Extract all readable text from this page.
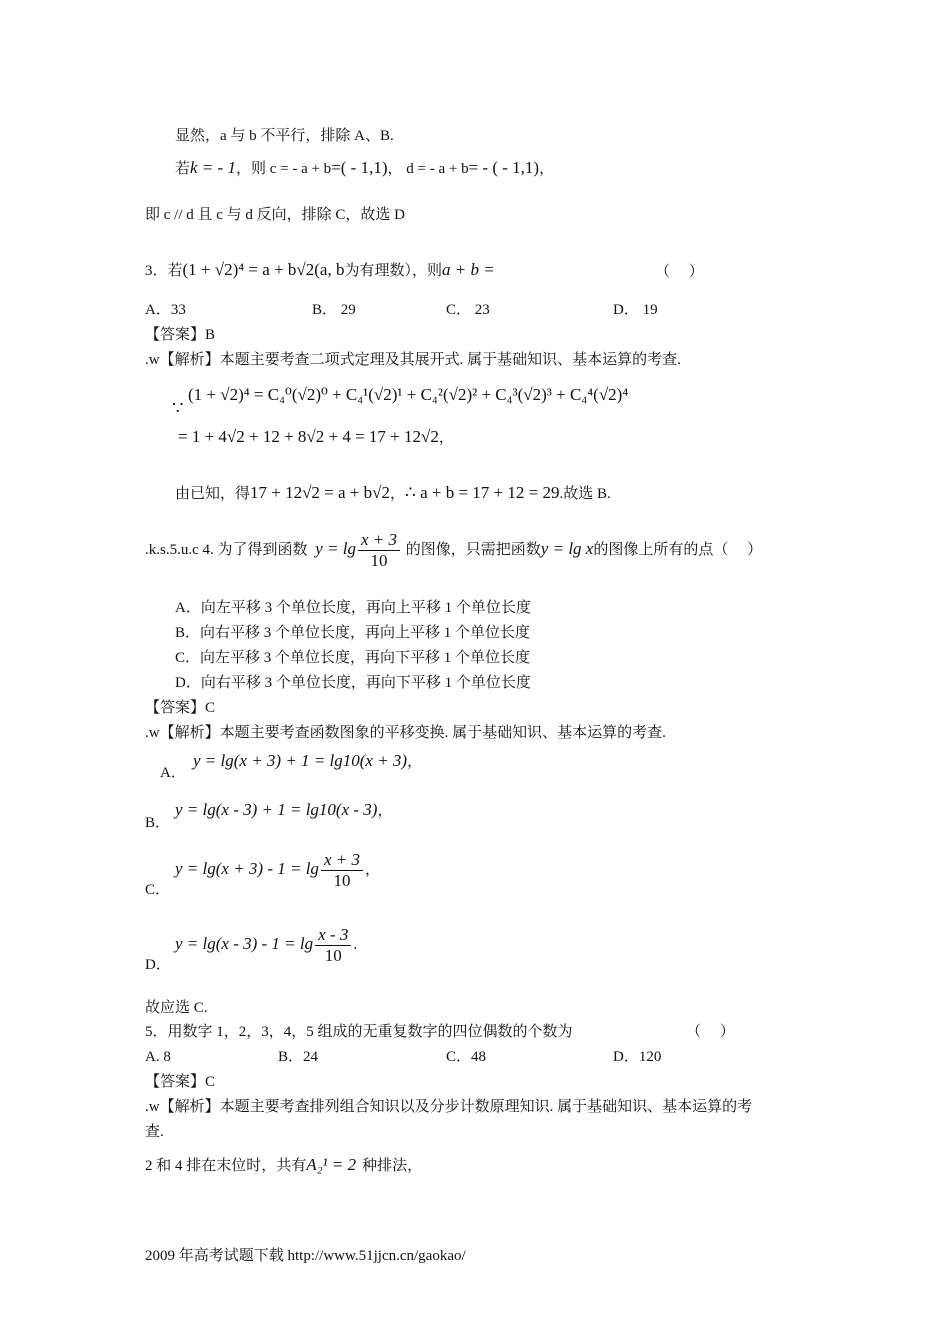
显然，a 与 b 不平行，排除 A、B.
若k = - 1，则 c = - a + b=( - 1,1)， d = - a + b= - ( - 1,1)，
即 c // d 且 c 与 d 反向，排除 C，故选 D
3．若(1 + √2)⁴ = a + b√2(a, b为有理数），则a + b =	（　 ）
A．33	B． 29	C． 23	D． 19
【答案】B
.w【解析】本题主要考查二项式定理及其展开式. 属于基础知识、基本运算的考查.
∵
(1 + √2)⁴ = C₄⁰(√2)⁰ + C₄¹(√2)¹ + C₄²(√2)² + C₄³(√2)³ + C₄⁴(√2)⁴
= 1 + 4√2 + 12 + 8√2 + 4 = 17 + 12√2，
由已知，得17 + 12√2 = a + b√2，∴ a + b = 17 + 12 = 29.故选 B.
.k.s.5.u.c 4. 为了得到函数 $y = \lg \frac{x + 3}{10}$ 的图像，只需把函数y = lg x的图像上所有的点（　 ）
A．向左平移 3 个单位长度，再向上平移 1 个单位长度
B．向右平移 3 个单位长度，再向上平移 1 个单位长度
C．向左平移 3 个单位长度，再向下平移 1 个单位长度
D．向右平移 3 个单位长度，再向下平移 1 个单位长度
【答案】C
.w【解析】本题主要考查函数图象的平移变换. 属于基础知识、基本运算的考查.
A．
y = lg(x + 3) + 1 = lg10(x + 3)，
B．
y = lg(x - 3) + 1 = lg10(x - 3)，
C．
$y = \lg(x + 3) - 1 = \lg \frac{x + 3}{10}$ ，
D．
$y = \lg(x - 3) - 1 = \lg \frac{x - 3}{10}$ .
故应选 C.
5．用数字 1，2，3，4，5 组成的无重复数字的四位偶数的个数为	（　 ）
A. 8	B．24	C．48	D．120
【答案】C
.w【解析】本题主要考查排列组合知识以及分步计数原理知识. 属于基础知识、基本运算的考
查.
2 和 4 排在末位时，共有A₂¹ = 2 种排法，
2009 年高考试题下载 http://www.51jjcn.cn/gaokao/
